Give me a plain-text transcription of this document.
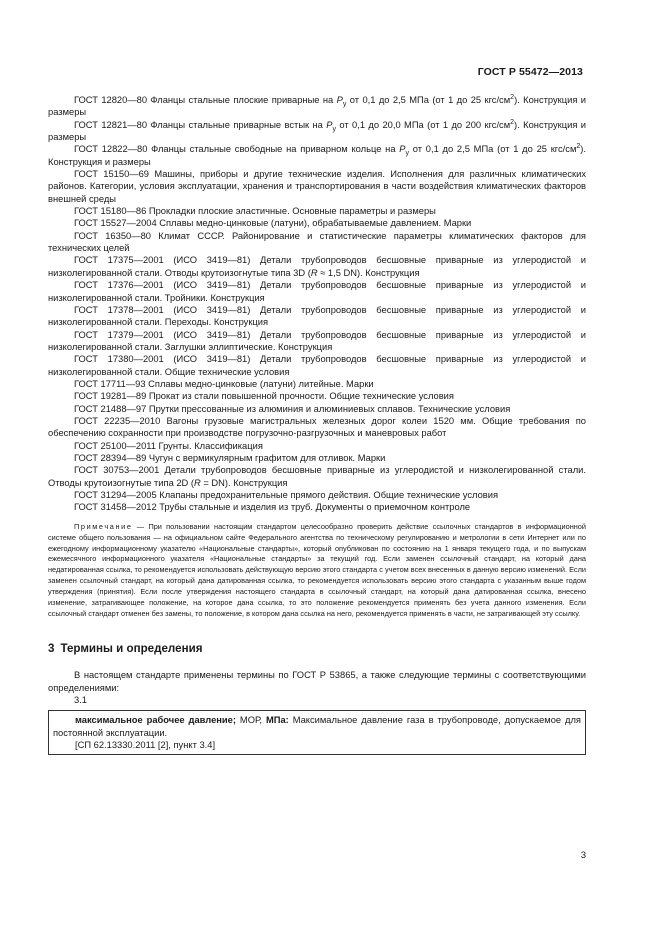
ГОСТ Р 55472—2013

ГОСТ 12820—80 Фланцы стальные плоские приварные на $P_y$ от 0,1 до 2,5 МПа (от 1 до 25 кгс/$см^2$). Конструкция и размеры

ГОСТ 12821—80 Фланцы стальные приварные встык на $P_y$ от 0,1 до 20,0 МПа (от 1 до 200 кгс/$см^2$). Конструкция и размеры

ГОСТ 12822—80 Фланцы стальные свободные на приварном кольце на $P_y$ от 0,1 до 2,5 МПа (от 1 до 25 кгс/$см^2$). Конструкция и размеры

ГОСТ 15150—69 Машины, приборы и другие технические изделия. Исполнения для различных климатических районов. Категории, условия эксплуатации, хранения и транспортирования в части воздействия климатических факторов внешней среды

ГОСТ 15180—86 Прокладки плоские эластичные. Основные параметры и размеры

ГОСТ 15527—2004 Сплавы медно-цинковые (латуни), обрабатываемые давлением. Марки

ГОСТ 16350—80 Климат СССР. Районирование и статистические параметры климатических факторов для технических целей

ГОСТ 17375—2001 (ИСО 3419—81) Детали трубопроводов бесшовные приварные из углеродистой и низколегированной стали. Отводы крутоизогнутые типа 3D (R ≈ 1,5 DN). Конструкция

ГОСТ 17376—2001 (ИСО 3419—81) Детали трубопроводов бесшовные приварные из углеродистой и низколегированной стали. Тройники. Конструкция

ГОСТ 17378—2001 (ИСО 3419—81) Детали трубопроводов бесшовные приварные из углеродистой и низколегированной стали. Переходы. Конструкция

ГОСТ 17379—2001 (ИСО 3419—81) Детали трубопроводов бесшовные приварные из углеродистой и низколегированной стали. Заглушки эллиптические. Конструкция

ГОСТ 17380—2001 (ИСО 3419—81) Детали трубопроводов бесшовные приварные из углеродистой и низколегированной стали. Общие технические условия

ГОСТ 17711—93 Сплавы медно-цинковые (латуни) литейные. Марки

ГОСТ 19281—89 Прокат из стали повышенной прочности. Общие технические условия

ГОСТ 21488—97 Прутки прессованные из алюминия и алюминиевых сплавов. Технические условия

ГОСТ 22235—2010 Вагоны грузовые магистральных железных дорог колеи 1520 мм. Общие требования по обеспечению сохранности при производстве погрузочно-разгрузочных и маневровых работ

ГОСТ 25100—2011 Грунты. Классификация

ГОСТ 28394—89 Чугун с вермикулярным графитом для отливок. Марки

ГОСТ 30753—2001 Детали трубопроводов бесшовные приварные из углеродистой и низколегированной стали. Отводы крутоизогнутые типа 2D (R = DN). Конструкция

ГОСТ 31294—2005 Клапаны предохранительные прямого действия. Общие технические условия

ГОСТ 31458—2012 Трубы стальные и изделия из труб. Документы о приемочном контроле

Примечание — При пользовании настоящим стандартом целесообразно проверить действие ссылочных стандартов в информационной системе общего пользования — на официальном сайте Федерального агентства по техническому регулированию и метрологии в сети Интернет или по ежегодному информационному указателю «Национальные стандарты», который опубликован по состоянию на 1 января текущего года, и по выпускам ежемесячного информационного указателя «Национальные стандарты» за текущий год. Если заменен ссылочный стандарт, на который дана недатированная ссылка, то рекомендуется использовать действующую версию этого стандарта с учетом всех внесенных в данную версию изменений. Если заменен ссылочный стандарт, на который дана датированная ссылка, то рекомендуется использовать версию этого стандарта с указанным выше годом утверждения (принятия). Если после утверждения настоящего стандарта в ссылочный стандарт, на который дана датированная ссылка, внесено изменение, затрагивающее положение, на которое дана ссылка, то это положение рекомендуется применять без учета данного изменения. Если ссылочный стандарт отменен без замены, то положение, в котором дана ссылка на него, рекомендуется применять в части, не затрагивающей эту ссылку.

3 Термины и определения

В настоящем стандарте применены термины по ГОСТ Р 53865, а также следующие термины с соответствующими определениями:

3.1

максимальное рабочее давление; МОР, МПа: Максимальное давление газа в трубопроводе, допускаемое для постоянной эксплуатации.

[СП 62.13330.2011 [2], пункт 3.4]

3
